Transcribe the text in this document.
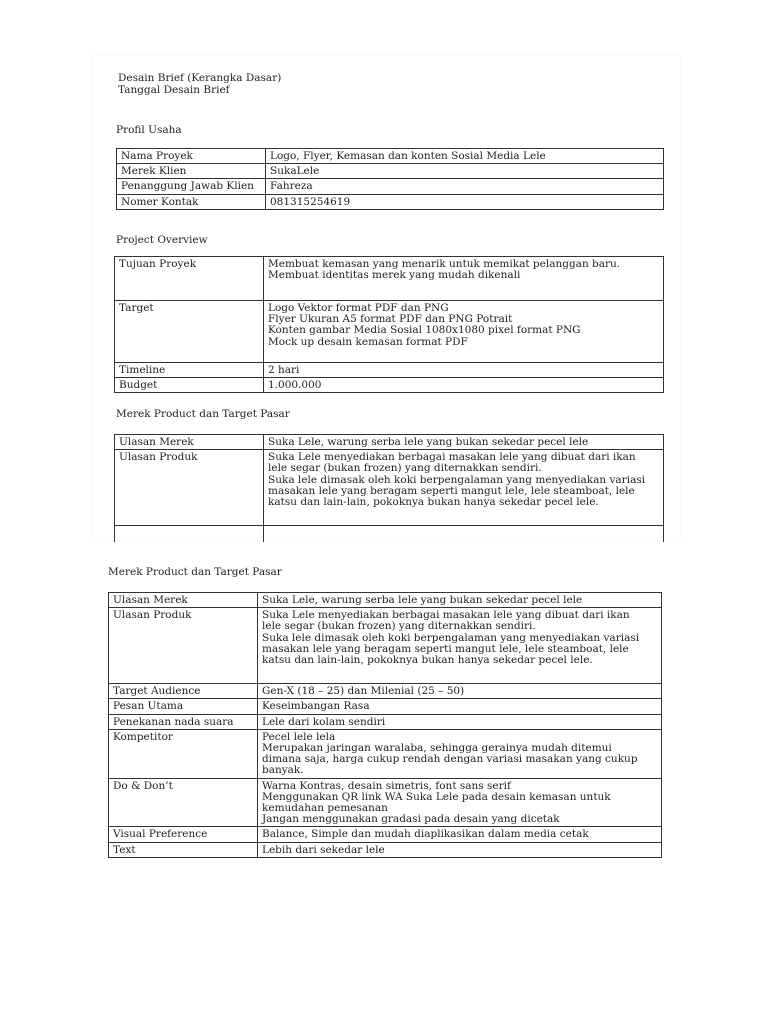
Desain Brief (Kerangka Dasar)
Tanggal Desain Brief
Profil Usaha
Nama Proyek	Logo, Flyer, Kemasan dan konten Sosial Media Lele
Merek Klien	SukaLele
Penanggung Jawab Klien	Fahreza
Nomer Kontak	081315254619
Project Overview
Tujuan Proyek	Membuat kemasan yang menarik untuk memikat pelanggan baru.
Membuat identitas merek yang mudah dikenali

Target	Logo Vektor format PDF dan PNG
Flyer Ukuran A5 format PDF dan PNG Potrait
Konten gambar Media Sosial 1080x1080 pixel format PNG
Mock up desain kemasan format PDF

Timeline	2 hari
Budget	1.000.000
Merek Product dan Target Pasar
Ulasan Merek	Suka Lele, warung serba lele yang bukan sekedar pecel lele
Ulasan Produk	Suka Lele menyediakan berbagai masakan lele yang dibuat dari ikan
lele segar (bukan frozen) yang diternakkan sendiri.
Suka lele dimasak oleh koki berpengalaman yang menyediakan variasi
masakan lele yang beragam seperti mangut lele, lele steamboat, lele
katsu dan lain-lain, pokoknya bukan hanya sekedar pecel lele.

Merek Product dan Target Pasar
Ulasan Merek	Suka Lele, warung serba lele yang bukan sekedar pecel lele
Ulasan Produk	Suka Lele menyediakan berbagai masakan lele yang dibuat dari ikan
lele segar (bukan frozen) yang diternakkan sendiri.
Suka lele dimasak oleh koki berpengalaman yang menyediakan variasi
masakan lele yang beragam seperti mangut lele, lele steamboat, lele
katsu dan lain-lain, pokoknya bukan hanya sekedar pecel lele.

Target Audience	Gen-X (18 – 25) dan Milenial (25 – 50)
Pesan Utama	Keseimbangan Rasa
Penekanan nada suara	Lele dari kolam sendiri
Kompetitor	Pecel lele lela
Merupakan jaringan waralaba, sehingga gerainya mudah ditemui
dimana saja, harga cukup rendah dengan variasi masakan yang cukup
banyak.

Do & Don’t	Warna Kontras, desain simetris, font sans serif
Menggunakan QR link WA Suka Lele pada desain kemasan untuk
kemudahan pemesanan
Jangan menggunakan gradasi pada desain yang dicetak

Visual Preference	Balance, Simple dan mudah diaplikasikan dalam media cetak
Text	Lebih dari sekedar lele
